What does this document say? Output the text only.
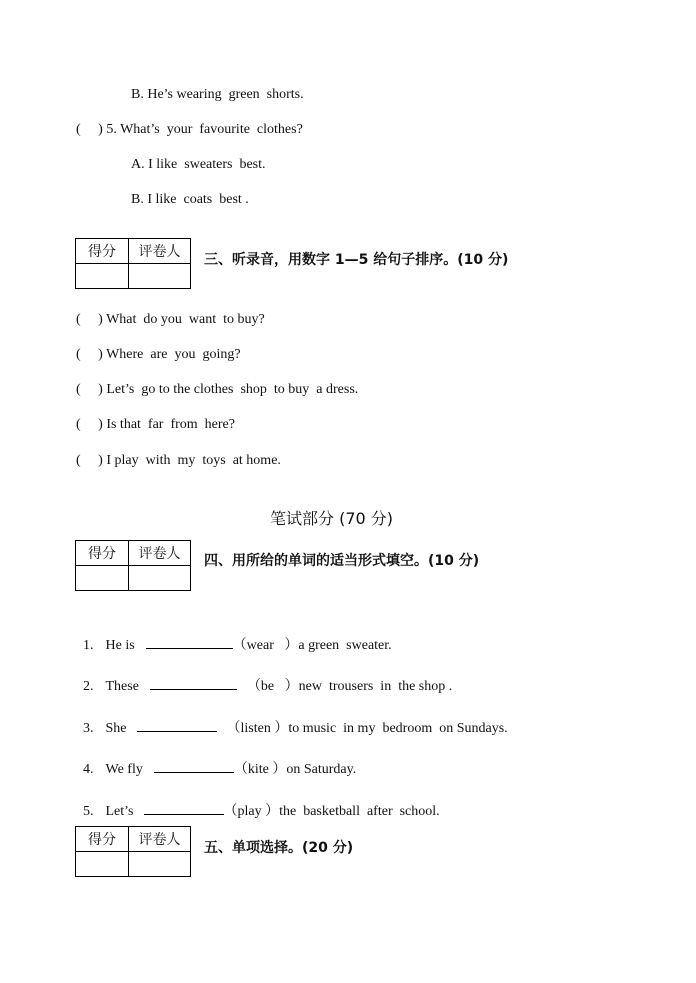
B. He’s wearing  green  shorts.
(     ) 5. What’s  your  favourite  clothes?
A. I like  sweaters  best.
B. I like  coats  best .
得分	评卷人
	三、听录音，用数字 1—5 给句子排序。(10 分)
(     ) What  do you  want  to buy?
(     ) Where  are  you  going?
(     ) Let’s  go to the clothes  shop  to buy  a dress.
(     ) Is that  far  from  here?
(     ) I play  with  my  toys  at home.
笔试部分 (70 分)
得分	评卷人
	四、用所给的单词的适当形式填空。(10 分)

1. He is	（wear   ）a green  sweater.

2. These	（be   ）new  trousers  in  the shop .

3. She	（listen ）to music  in my  bedroom  on Sundays.

4. We fly	（kite ）on Saturday.

5. Let’s	（play ）the  basketball  after  school.

得分	评卷人
	五、单项选择。(20 分)
